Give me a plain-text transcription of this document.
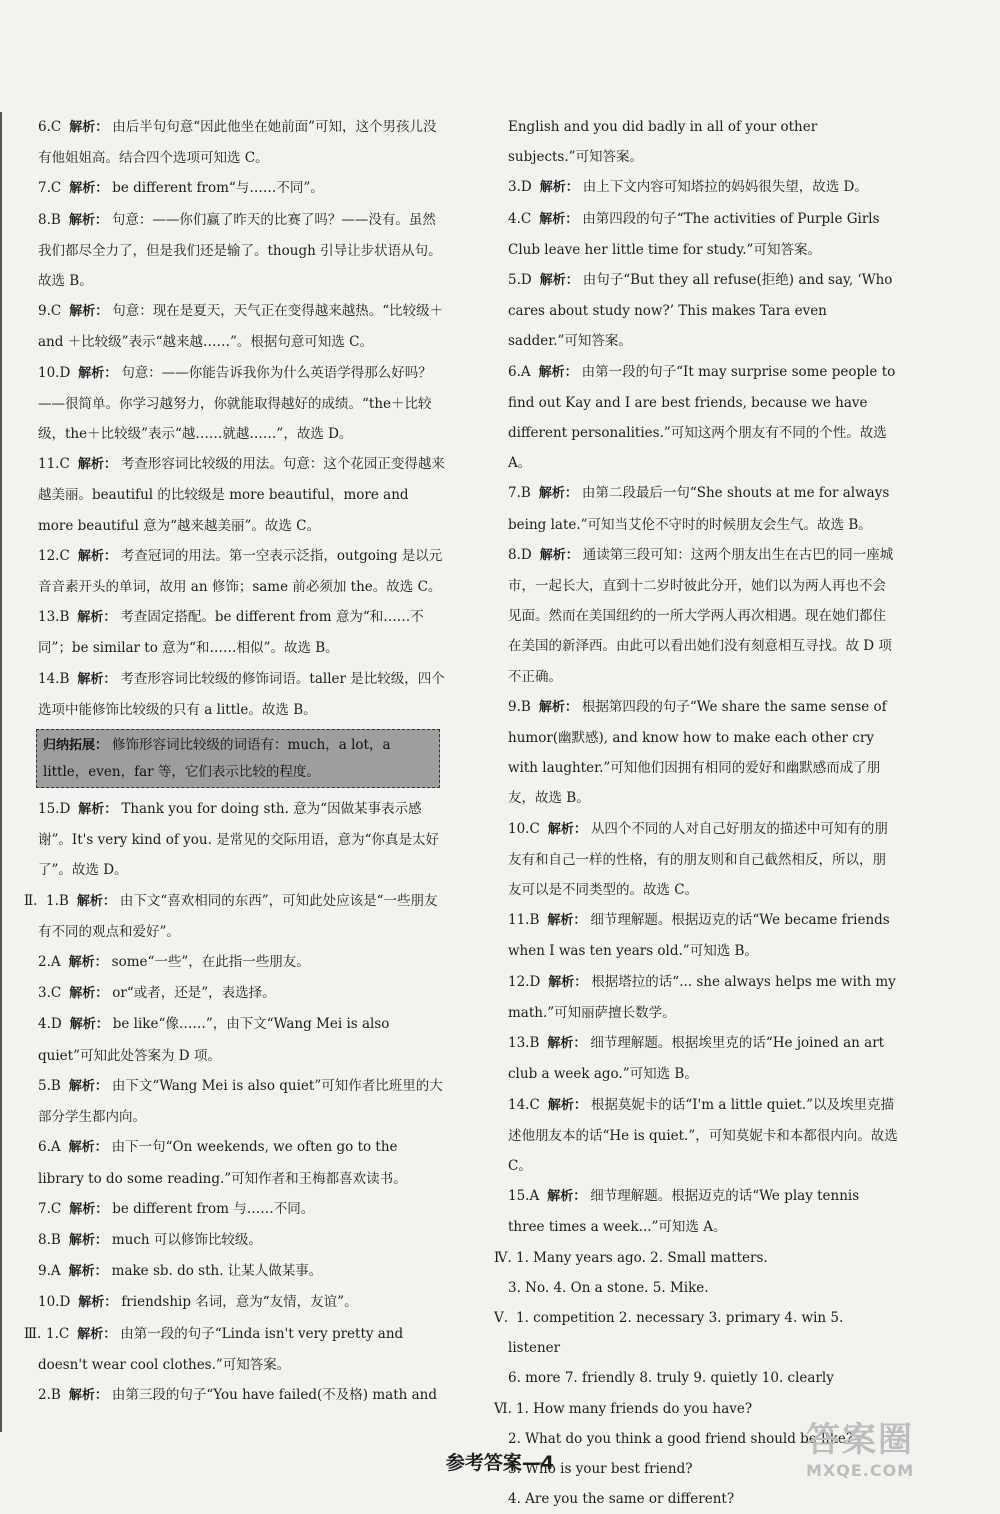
6.C 解析： 由后半句句意“因此他坐在她前面”可知，这个男孩儿没有他姐姐高。结合四个选项可知选 C。

7.C 解析： be different from“与……不同”。

8.B 解析： 句意：——你们赢了昨天的比赛了吗？——没有。虽然我们都尽全力了，但是我们还是输了。though 引导让步状语从句。故选 B。

9.C 解析： 句意：现在是夏天，天气正在变得越来越热。“比较级＋and ＋比较级”表示“越来越……”。根据句意可知选 C。

10.D 解析： 句意：——你能告诉我你为什么英语学得那么好吗？——很简单。你学习越努力，你就能取得越好的成绩。“the＋比较级，the＋比较级”表示“越……就越……”，故选 D。

11.C 解析： 考查形容词比较级的用法。句意：这个花园正变得越来越美丽。beautiful 的比较级是 more beautiful，more and more beautiful 意为“越来越美丽”。故选 C。

12.C 解析： 考查冠词的用法。第一空表示泛指，outgoing 是以元音音素开头的单词，故用 an 修饰；same 前必须加 the。故选 C。

13.B 解析： 考查固定搭配。be different from 意为“和……不同”；be similar to 意为“和……相似”。故选 B。

14.B 解析： 考查形容词比较级的修饰词语。taller 是比较级，四个选项中能修饰比较级的只有 a little。故选 B。

归纳拓展： 修饰形容词比较级的词语有：much，a lot，a little，even，far 等，它们表示比较的程度。

15.D 解析： Thank you for doing sth. 意为“因做某事表示感谢”。It's very kind of you. 是常见的交际用语，意为“你真是太好了”。故选 D。

Ⅱ. 1.B 解析： 由下文“喜欢相同的东西”，可知此处应该是“一些朋友有不同的观点和爱好”。

2.A 解析： some“一些”，在此指一些朋友。

3.C 解析： or“或者，还是”，表选择。

4.D 解析： be like“像……”，由下文“Wang Mei is also quiet”可知此处答案为 D 项。

5.B 解析： 由下文“Wang Mei is also quiet”可知作者比班里的大部分学生都内向。

6.A 解析： 由下一句“On weekends, we often go to the library to do some reading.”可知作者和王梅都喜欢读书。

7.C 解析： be different from 与……不同。

8.B 解析： much 可以修饰比较级。

9.A 解析： make sb. do sth. 让某人做某事。

10.D 解析： friendship 名词，意为“友情，友谊”。

Ⅲ. 1.C 解析： 由第一段的句子“Linda isn't very pretty and doesn't wear cool clothes.”可知答案。

2.B 解析： 由第三段的句子“You have failed(不及格) math and

English and you did badly in all of your other subjects.”可知答案。

3.D 解析： 由上下文内容可知塔拉的妈妈很失望，故选 D。

4.C 解析： 由第四段的句子“The activities of Purple Girls Club leave her little time for study.”可知答案。

5.D 解析： 由句子“But they all refuse(拒绝) and say, ‘Who cares about study now?’ This makes Tara even sadder.”可知答案。

6.A 解析： 由第一段的句子“It may surprise some people to find out Kay and I are best friends, because we have different personalities.”可知这两个朋友有不同的个性。故选 A。

7.B 解析： 由第二段最后一句“She shouts at me for always being late.”可知当艾伦不守时的时候朋友会生气。故选 B。

8.D 解析： 通读第三段可知：这两个朋友出生在古巴的同一座城市，一起长大，直到十二岁时彼此分开，她们以为两人再也不会见面。然而在美国纽约的一所大学两人再次相遇。现在她们都住在美国的新泽西。由此可以看出她们没有刻意相互寻找。故 D 项不正确。

9.B 解析： 根据第四段的句子“We share the same sense of humor(幽默感), and know how to make each other cry with laughter.”可知他们因拥有相同的爱好和幽默感而成了朋友，故选 B。

10.C 解析： 从四个不同的人对自己好朋友的描述中可知有的朋友有和自己一样的性格，有的朋友则和自己截然相反，所以，朋友可以是不同类型的。故选 C。

11.B 解析： 细节理解题。根据迈克的话“We became friends when I was ten years old.”可知选 B。

12.D 解析： 根据塔拉的话“... she always helps me with my math.”可知丽萨擅长数学。

13.B 解析： 细节理解题。根据埃里克的话“He joined an art club a week ago.”可知选 B。

14.C 解析： 根据莫妮卡的话“I'm a little quiet.”以及埃里克描述他朋友本的话“He is quiet.”，可知莫妮卡和本都很内向。故选 C。

15.A 解析： 细节理解题。根据迈克的话“We play tennis three times a week...”可知选 A。

Ⅳ. 1. Many years ago. 2. Small matters.

3. No. 4. On a stone. 5. Mike.

Ⅴ. 1. competition 2. necessary 3. primary 4. win 5. listener

6. more 7. friendly 8. truly 9. quietly 10. clearly

Ⅵ. 1. How many friends do you have?

2. What do you think a good friend should be like?

3. Who is your best friend?

4. Are you the same or different?

参考答案—4
答案圈
MXQE.COM
